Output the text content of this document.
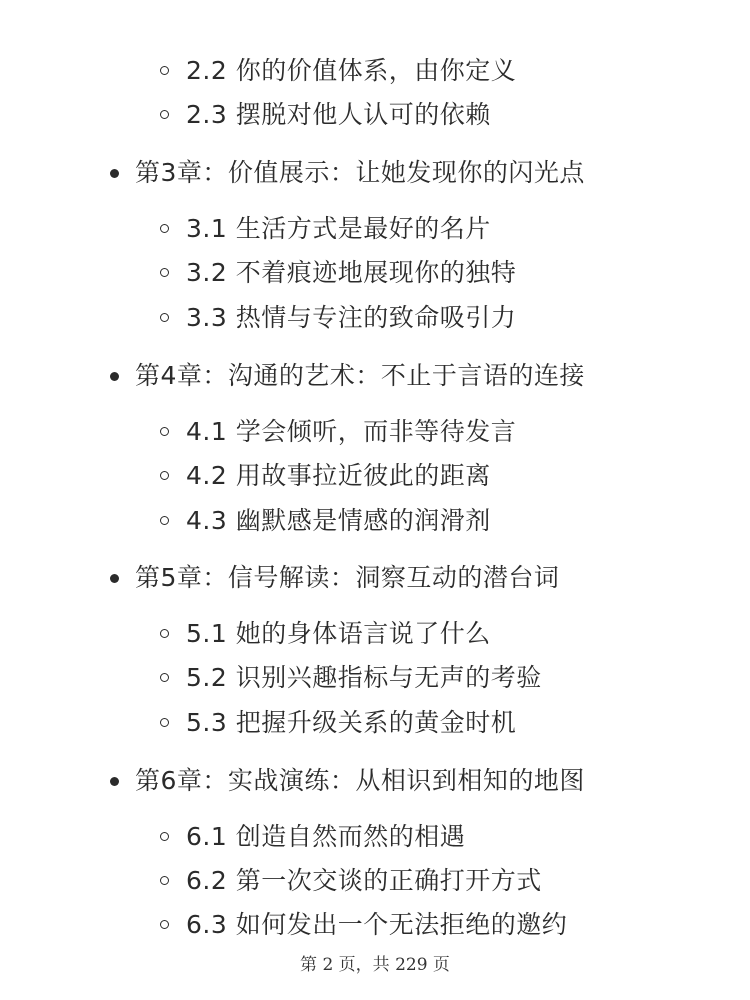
2.2 你的价值体系，由你定义
2.3 摆脱对他人认可的依赖
第3章：价值展示：让她发现你的闪光点
3.1 生活方式是最好的名片
3.2 不着痕迹地展现你的独特
3.3 热情与专注的致命吸引力
第4章：沟通的艺术：不止于言语的连接
4.1 学会倾听，而非等待发言
4.2 用故事拉近彼此的距离
4.3 幽默感是情感的润滑剂
第5章：信号解读：洞察互动的潜台词
5.1 她的身体语言说了什么
5.2 识别兴趣指标与无声的考验
5.3 把握升级关系的黄金时机
第6章：实战演练：从相识到相知的地图
6.1 创造自然而然的相遇
6.2 第一次交谈的正确打开方式
6.3 如何发出一个无法拒绝的邀约
第 2 页，共 229 页
